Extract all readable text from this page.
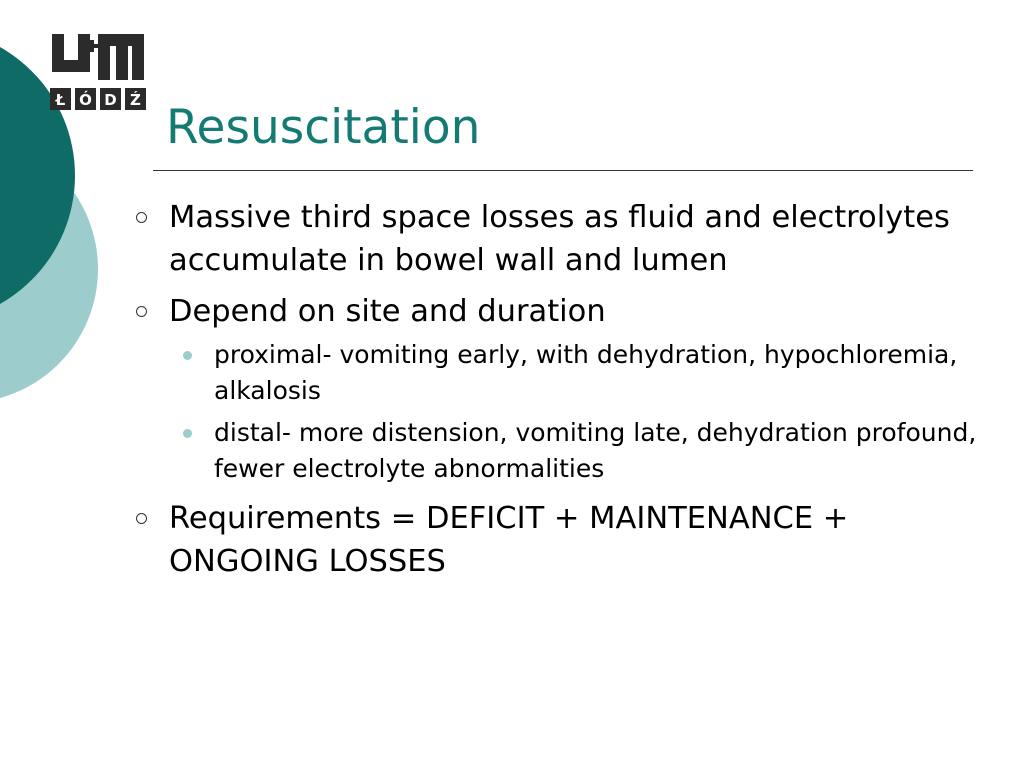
Ł Ó D Ź Resuscitation
Massive third space losses as fluid and electrolytes accumulate in bowel wall and lumen
Depend on site and duration
proximal- vomiting early, with dehydration, hypochloremia, alkalosis
distal- more distension, vomiting late, dehydration profound, fewer electrolyte abnormalities
Requirements = DEFICIT + MAINTENANCE + ONGOING LOSSES
